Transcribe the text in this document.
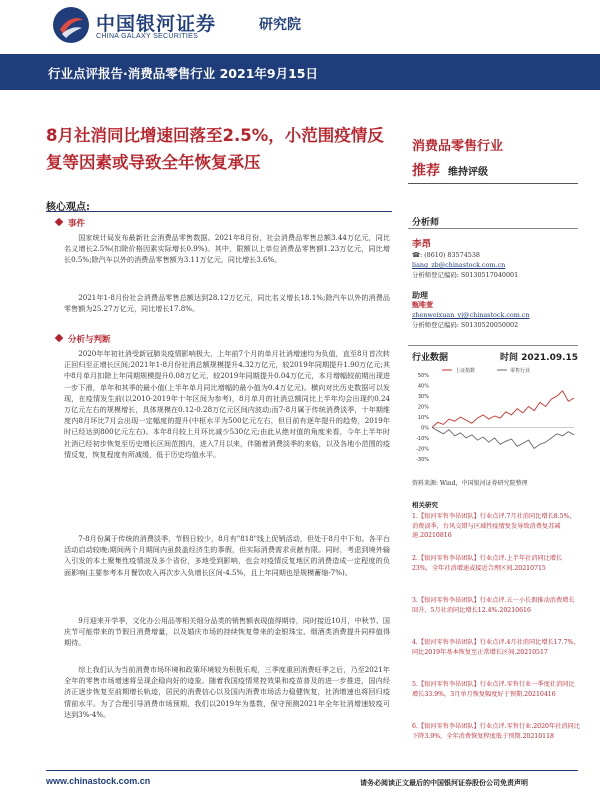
中国银河证券
CHINA GALAXY SECURITIES
研究院
行业点评报告·消费品零售行业 2021年9月15日
8月社消同比增速回落至2.5%，小范围疫情反复等因素或导致全年恢复承压
消费品零售行业
推荐 维持评级
核心观点:
事件
国家统计局发布最新社会消费品零售数据。2021年8月份，社会消费品零售总额3.44万亿元，同比名义增长2.5%(扣除价格因素实际增长0.9%)。其中，限额以上单位消费品零售额1.23万亿元，同比增长0.5%;除汽车以外的消费品零售额为3.11万亿元，同比增长3.6%。
2021年1-8月份社会消费品零售总额达到28.12万亿元，同比名义增长18.1%;除汽车以外的消费品零售额为25.27万亿元，同比增长17.8%。
分析与判断
2020年年初社消受新冠肺炎疫情影响极大，上年前7个月的单月社消增速均为负值，直至8月首次转正回归至正增长区间;2021年1-8月份社消总额规模提升4.32万亿元，较2019年同期提升1.90万亿元;其中8月单月扣除上年同期规模提升0.08万亿元，较2019年同期提升0.04万亿元，本月增幅较前期出现进一步下滑，单年和其季的最小值(上半年单月同比增幅的最小值为0.4万亿元)。横向对比历史数据可以发现，在疫情发生前(以2010-2019年十年区间为参考)，8月单月的社消总额同比上半年均会出现约0.24万亿元左右的规模增长，具体规模在0.12-0.28万亿元区间内波动;而7-8月属于传统消费淡季，十年期维度内8月环比7月会出现一定幅度的提升(中枢水平为500亿元左右，但目前有逐年提升的趋势，2019年时已经达到800亿元左右)。本年8月较上月环比减少530亿元;由此从绝对值的角度来看，今年上半年时社消已经初步恢复至历史增长区间范围内，进入7月以来，伴随着消费淡季的来临，以及各地小范围的疫情反复，恢复程度有所减缓，低于历史均值水平。
7-8月份属于传统的消费淡季，节假日较少，8月有"818"线上促销活动，但处于8月中下旬。各平台活动启动较晚;期间两个月期间内虽鼓盖经济生的事假，但实际消费需求贡献有限。同时，考虑到境外输入引发的本土聚集性疫情波及多个省份，多地受到影响，也会对疫情反复地区的消费造成一定程度的负面影响(主要参考本月餐饮收入再次步入负增长区间-4.5%，且上年同期也是规模蓄缩-7%)。
9月迎来开学季，文化办公用品等相关细分品类的销售额表现值得期待，同时接近10月，中秋节、国庆节可能带来的节假日消费增量，以及婚庆市场的持续恢复带来的金银珠宝、烟酒类消费提升同样值得期待。
综上我们认为当前消费市场环境和政策环境较为积极乐观，三季度重回消费旺季之后，乃至2021年全年的零售市场增速将呈现企稳向好的迹象。随着我国疫情常控效果和疫苗普及的进一步推进，国内经济正逐步恢复至前期增长轨迹，居民的消费信心以及国内消费市场活力稳健恢复，社消增速也将回归疫情前水平。为了合理引导消费市场预期，我们以2019年为基数，保守预测2021年全年社消增速较疫可达到3%-4%。
分析师
李昂
☎: (8610) 83574538
liang_zb@chinastock.com.cn
分析师登记编码: S0130517040001
助理
甄唯萱
zhenweixuan_yj@chinastock.com.cn
分析师登记编码: S0130520050002
行业数据	时间 2021.09.15
50%
40%
30%
20%
10%
0%
-10%
-20%
-30%
上证指数	零售行业
资料来源: Wind，中国银河证券研究院整理
相关研究
1.【银河零售李昂团队】行业点评.7月社消同比增长8.5%，消费淡季，台风交错与区域性疫情复发导致消费复苏减速.20210816
2.【银河零售李昂团队】行业点评.上半年社消同比增长23%，全年社消增速或接近合理区间.20210715
3.【银河零售李昂团队】行业点评.五一小长假推动消费增长回升，5月社消同比增长12.4%.20210616
4.【银河零售李昂团队】行业点评.4月社消同比增长17.7%，同比2019年基本恢复至正常增长区间.20210517
5.【银河零售李昂团队】行业点评.零售行业一季度社消同比增长33.9%，3月单月恢复幅度好于预期.20210416
6.【银河零售李昂团队】行业点评.零售行业.2020年社消同比下降3.9%，全年消费恢复程度低于预期.20210118
www.chinastock.com.cn	请务必阅读正文最后的中国银河证券股份公司免责声明
